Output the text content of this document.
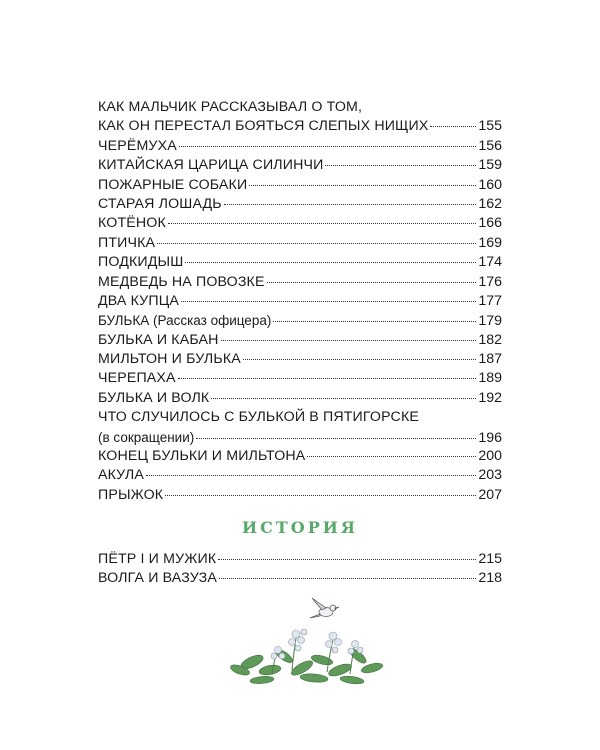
КАК МАЛЬЧИК РАССКАЗЫВАЛ О ТОМ,
КАК ОН ПЕРЕСТАЛ БОЯТЬСЯ СЛЕПЫХ НИЩИХ	155
ЧЕРЁМУХА	156
КИТАЙСКАЯ ЦАРИЦА СИЛИНЧИ	159
ПОЖАРНЫЕ СОБАКИ	160
СТАРАЯ ЛОШАДЬ	162
КОТЁНОК	166
ПТИЧКА	169
ПОДКИДЫШ	174
МЕДВЕДЬ НА ПОВОЗКЕ	176
ДВА КУПЦА	177
БУЛЬКА (Рассказ офицера)	179
БУЛЬКА И КАБАН	182
МИЛЬТОН И БУЛЬКА	187
ЧЕРЕПАХА	189
БУЛЬКА И ВОЛК	192
ЧТО СЛУЧИЛОСЬ С БУЛЬКОЙ В ПЯТИГОРСКЕ
(в сокращении)	196
КОНЕЦ БУЛЬКИ И МИЛЬТОНА	200
АКУЛА	203
ПРЫЖОК	207
ИСТОРИЯ
ПЁТР I И МУЖИК	215
ВОЛГА И ВАЗУЗА	218
